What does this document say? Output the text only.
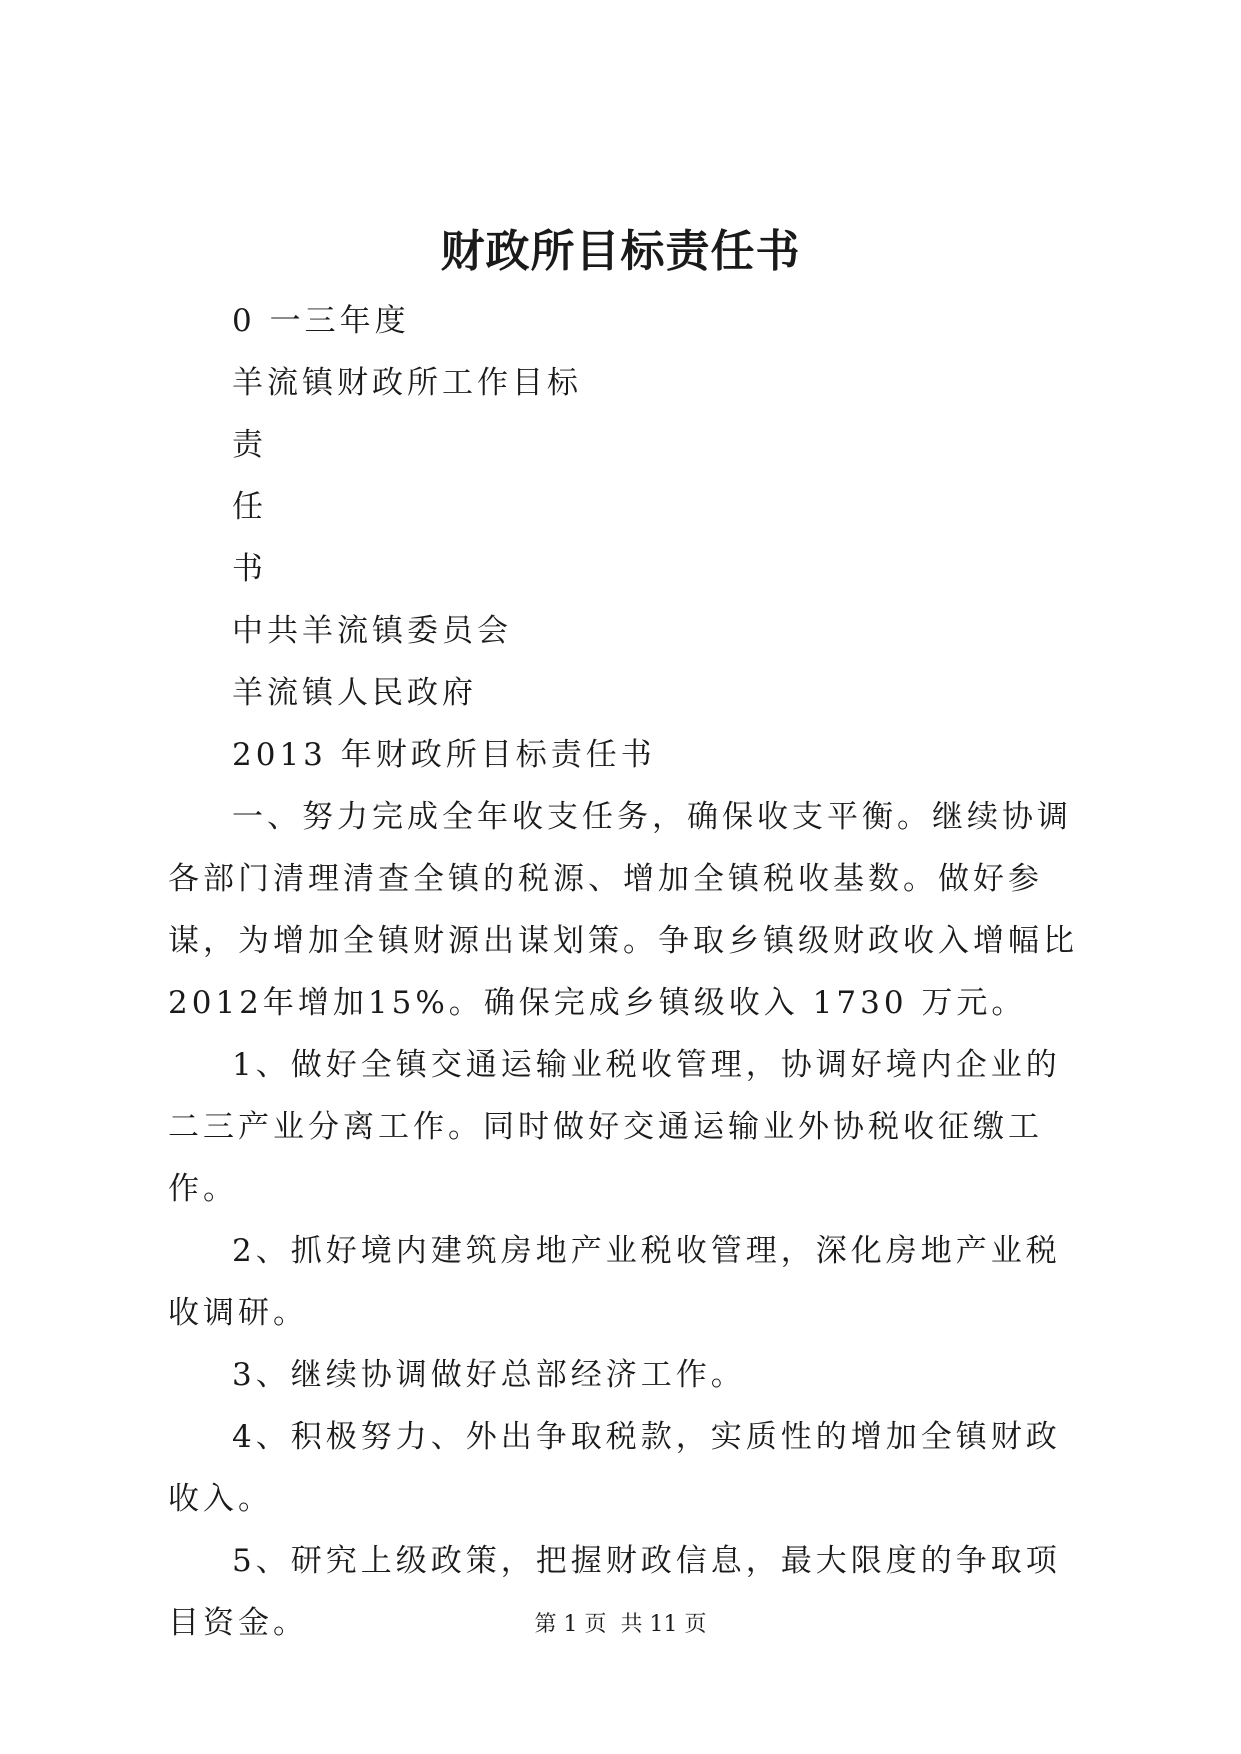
财政所目标责任书

0 一三年度

羊流镇财政所工作目标

责

任

书

中共羊流镇委员会

羊流镇人民政府

2013 年财政所目标责任书

一、努力完成全年收支任务，确保收支平衡。继续协调各部门清理清查全镇的税源、增加全镇税收基数。做好参谋，为增加全镇财源出谋划策。争取乡镇级财政收入增幅比2012年增加15%。确保完成乡镇级收入 1730 万元。

1、做好全镇交通运输业税收管理，协调好境内企业的二三产业分离工作。同时做好交通运输业外协税收征缴工作。

2、抓好境内建筑房地产业税收管理，深化房地产业税收调研。

3、继续协调做好总部经济工作。

4、积极努力、外出争取税款，实质性的增加全镇财政收入。

5、研究上级政策，把握财政信息，最大限度的争取项目资金。	第 1 页  共 11 页
